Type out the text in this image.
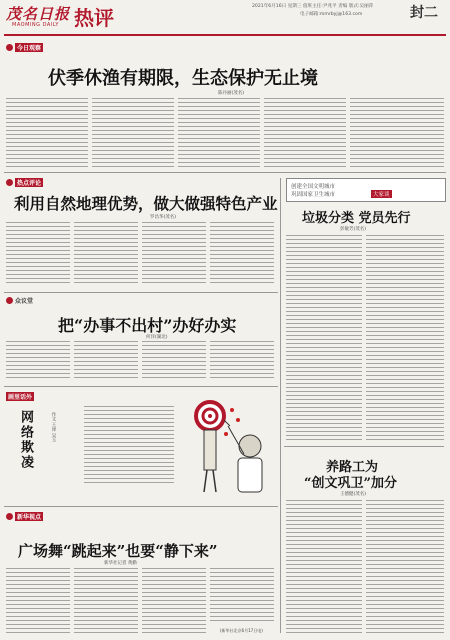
茂名日报
MAOMING DAILY 热评	2021年6月16日 星期三 值班主任:尹兆平 责编 版式:吴丽萍
电子邮箱:mmrbyj@163.com	封二
今日观察
伏季休渔有期限，生态保护无止境
陈丹丽(茂名)
热点评论
利用自然地理优势，做大做强特色产业
罗昌华(茂名)
创建全国文明城市
巩固国家卫生城市	大家谈
垃圾分类 党员先行
彭敏芳(茂名)
众议堂
把“办事不出村”办好办实
何洋(湖北)
画里话外
网络欺凌	作文 王铎 吴玉
养路工为
“创文巩卫”加分
王德健(茂名)
新华视点
广场舞“跳起来”也要“静下来”
新华社记者 黄勤
(新华社北京6月17日电)
